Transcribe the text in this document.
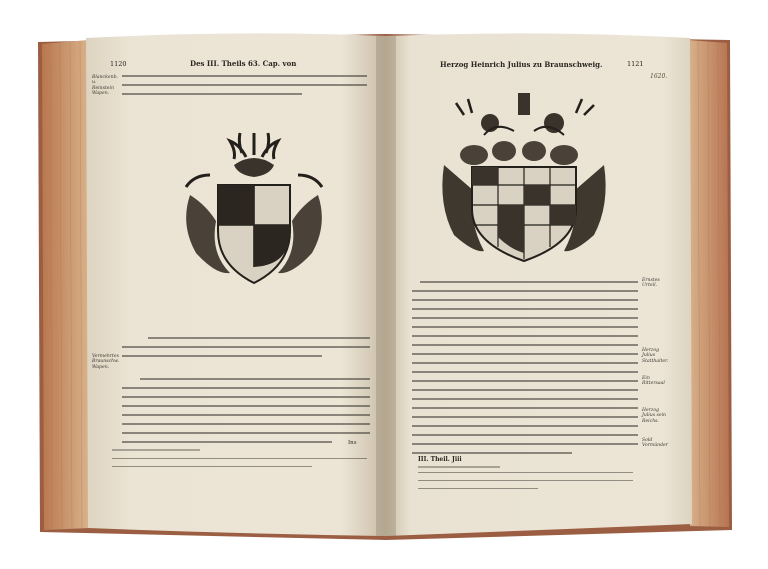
1120	Des III. Theils 63. Cap. von	Herzog Heinrich Julius zu Braunschweig.	1121
1620.
Blanckenb. u. Reinstein Wapen.
Vermehrtes Braunschw. Wapen.
Ernstes Urteil.
Herzog Julius Statthalter.
Ein Rittersaal
Herzog Julius sein Reichs.
Sold Vormünder
Ins
III. Theil. Jiii
